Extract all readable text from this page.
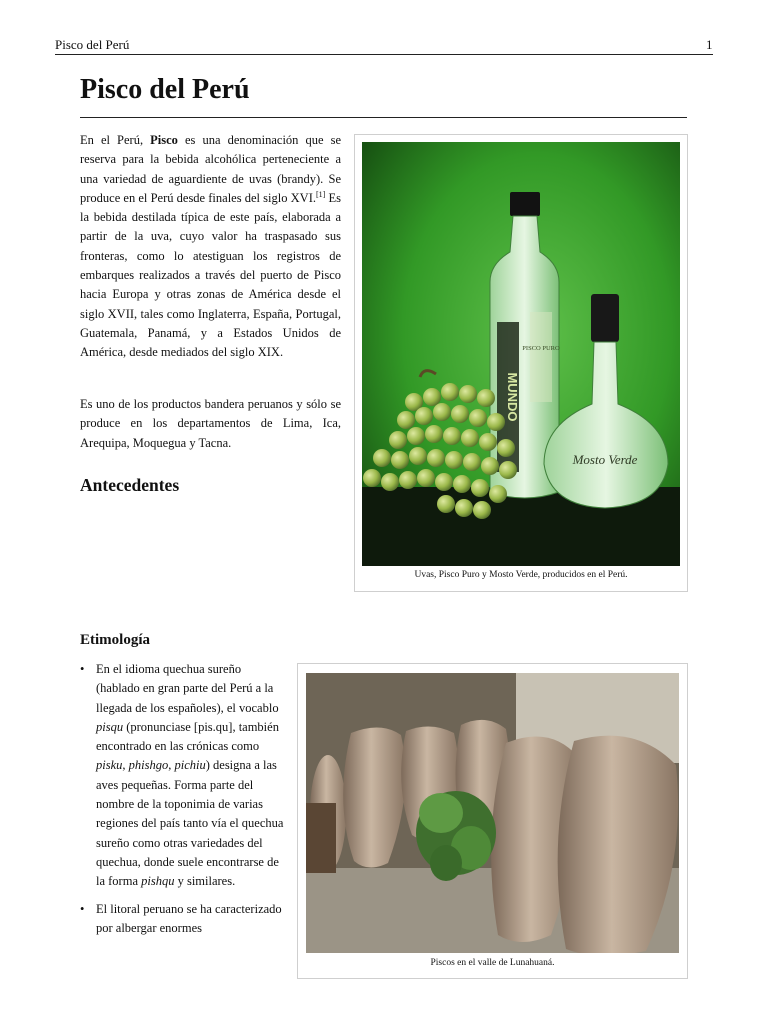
Pisco del Perú	1
Pisco del Perú

En el Perú, Pisco es una denominación que se reserva para la bebida alcohólica perteneciente a una variedad de aguardiente de uvas (brandy). Se produce en el Perú desde finales del siglo XVI.[1] Es la bebida destilada típica de este país, elaborada a partir de la uva, cuyo valor ha traspasado sus fronteras, como lo atestiguan los registros de embarques realizados a través del puerto de Pisco hacia Europa y otras zonas de América desde el siglo XVII, tales como Inglaterra, España, Portugal, Guatemala, Panamá, y a Estados Unidos de América, desde mediados del siglo XIX.

Es uno de los productos bandera peruanos y sólo se produce en los departamentos de Lima, Ica, Arequipa, Moquegua y Tacna.

Antecedentes
Etimología
• En el idioma quechua sureño (hablado en gran parte del Perú a la llegada de los españoles), el vocablo pisqu (pronunciase [pis.qu], también encontrado en las crónicas como pisku, phishgo, pichiu) designa a las aves pequeñas. Forma parte del nombre de la toponimia de varias regiones del país tanto vía el quechua sureño como otras variedades del quechua, donde suele encontrarse de la forma pishqu y similares.
• El litoral peruano se ha caracterizado por albergar enormes
MUNDO
PISCO PURO
Mosto Verde
Uvas, Pisco Puro y Mosto Verde, producidos en el Perú.
Piscos en el valle de Lunahuaná.
